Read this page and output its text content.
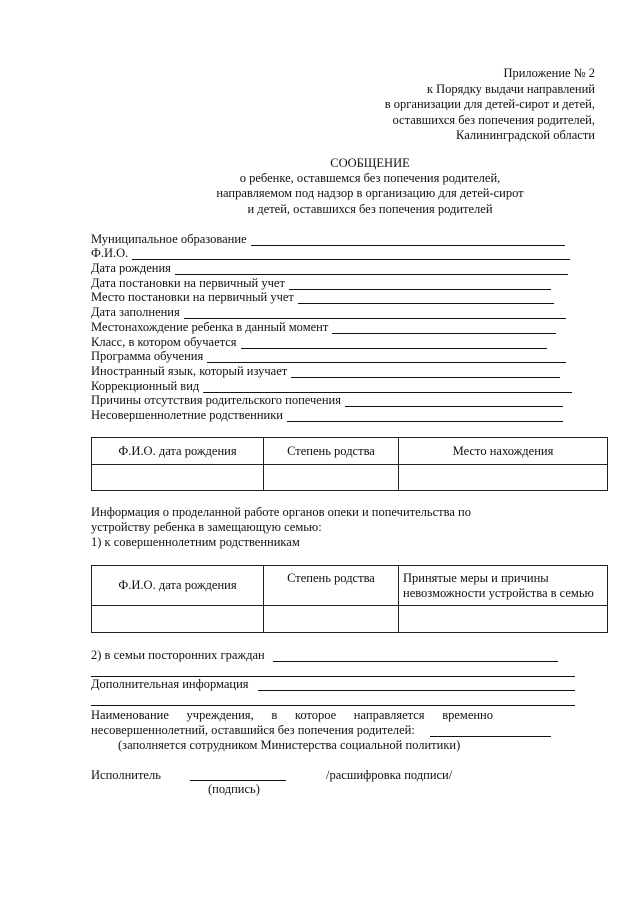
Приложение № 2
к Порядку выдачи направлений
в организации для детей-сирот и детей,
оставшихся без попечения родителей,
Калининградской области
СООБЩЕНИЕ
о ребенке, оставшемся без попечения родителей,
направляемом под надзор в организацию для детей-сирот
и детей, оставшихся без попечения родителей
Муниципальное образование
Ф.И.О.
Дата рождения
Дата постановки на первичный учет
Место постановки на первичный учет
Дата заполнения
Местонахождение ребенка в данный момент
Класс, в котором обучается
Программа обучения
Иностранный язык, который изучает
Коррекционный вид
Причины отсутствия родительского попечения
Несовершеннолетние родственники
Ф.И.О. дата рождения	Степень родства	Место нахождения

Информация о проделанной работе органов опеки и попечительства по
устройству ребенка в замещающую семью:
1) к совершеннолетним родственникам
Ф.И.О. дата рождения	Степень родства	Принятые меры и причины невозможности устройства в семью

2) в семьи посторонних граждан
Дополнительная информация
Наименование учреждения, в которое направляется временно
несовершеннолетний, оставшийся без попечения родителей:
(заполняется сотрудником Министерства социальной политики)
Исполнитель	/расшифровка подписи/
(подпись)
